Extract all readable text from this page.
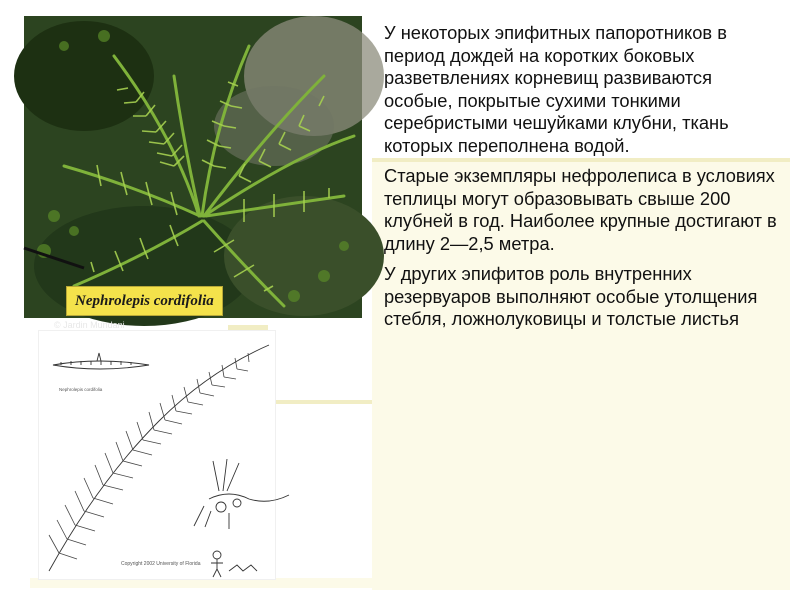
© Jardin Mundani
Nephrolepis cordifolia
Nephrolepis cordifolia
Copyright 2002 University of Florida

У некоторых эпифитных папоротников в период дождей на коротких боковых разветвлениях корневищ развиваются особые, покрытые сухими тонкими серебристыми чешуйками клубни, ткань которых переполнена водой.

Старые экземпляры нефролеписа в условиях теплицы могут образовывать свыше 200 клубней в год. Наиболее крупные достигают в длину 2—2,5 метра.

У других эпифитов роль внутренних резервуаров выполняют особые утолщения стебля, ложнолуковицы и толстые листья
